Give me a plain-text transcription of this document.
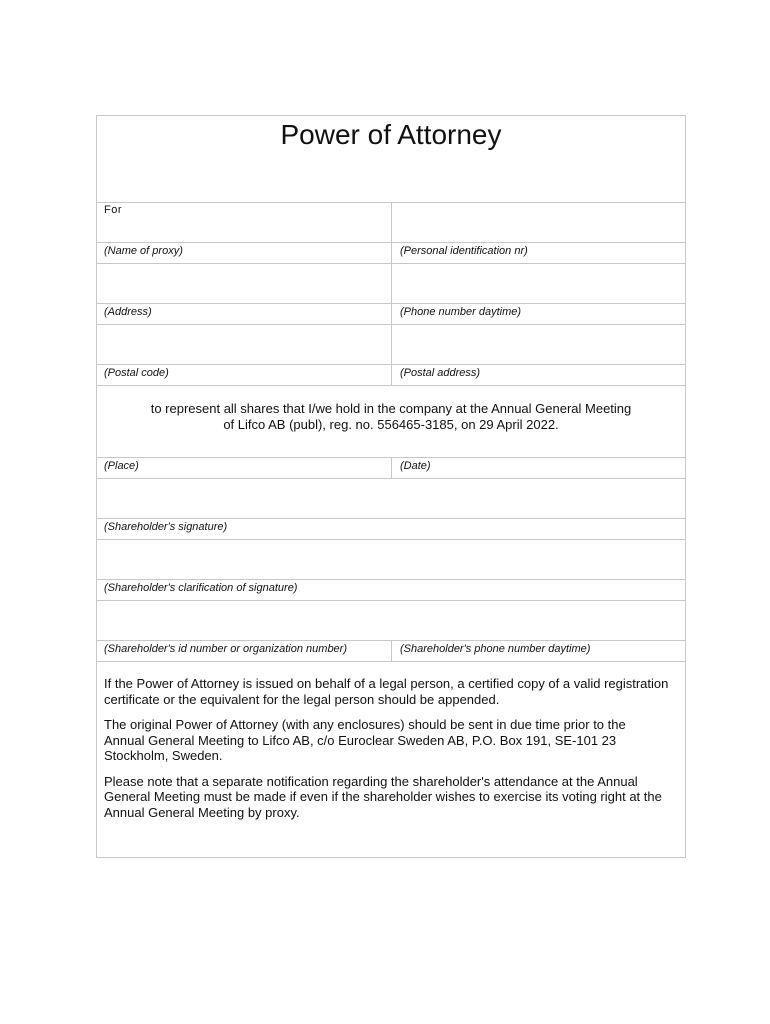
Power of Attorney
For
(Name of proxy)	(Personal identification nr)
(Address)	(Phone number daytime)
(Postal code)	(Postal address)
to represent all shares that I/we hold in the company at the Annual General Meeting
of Lifco AB (publ), reg. no. 556465-3185, on 29 April 2022.
(Place)	(Date)
(Shareholder's signature)
(Shareholder's clarification of signature)
(Shareholder's id number or organization number)	(Shareholder's phone number daytime)

If the Power of Attorney is issued on behalf of a legal person, a certified copy of a valid registration certificate or the equivalent for the legal person should be appended.

The original Power of Attorney (with any enclosures) should be sent in due time prior to the Annual General Meeting to Lifco AB, c/o Euroclear Sweden AB, P.O. Box 191, SE-101 23 Stockholm, Sweden.

Please note that a separate notification regarding the shareholder's attendance at the Annual General Meeting must be made if even if the shareholder wishes to exercise its voting right at the Annual General Meeting by proxy.
